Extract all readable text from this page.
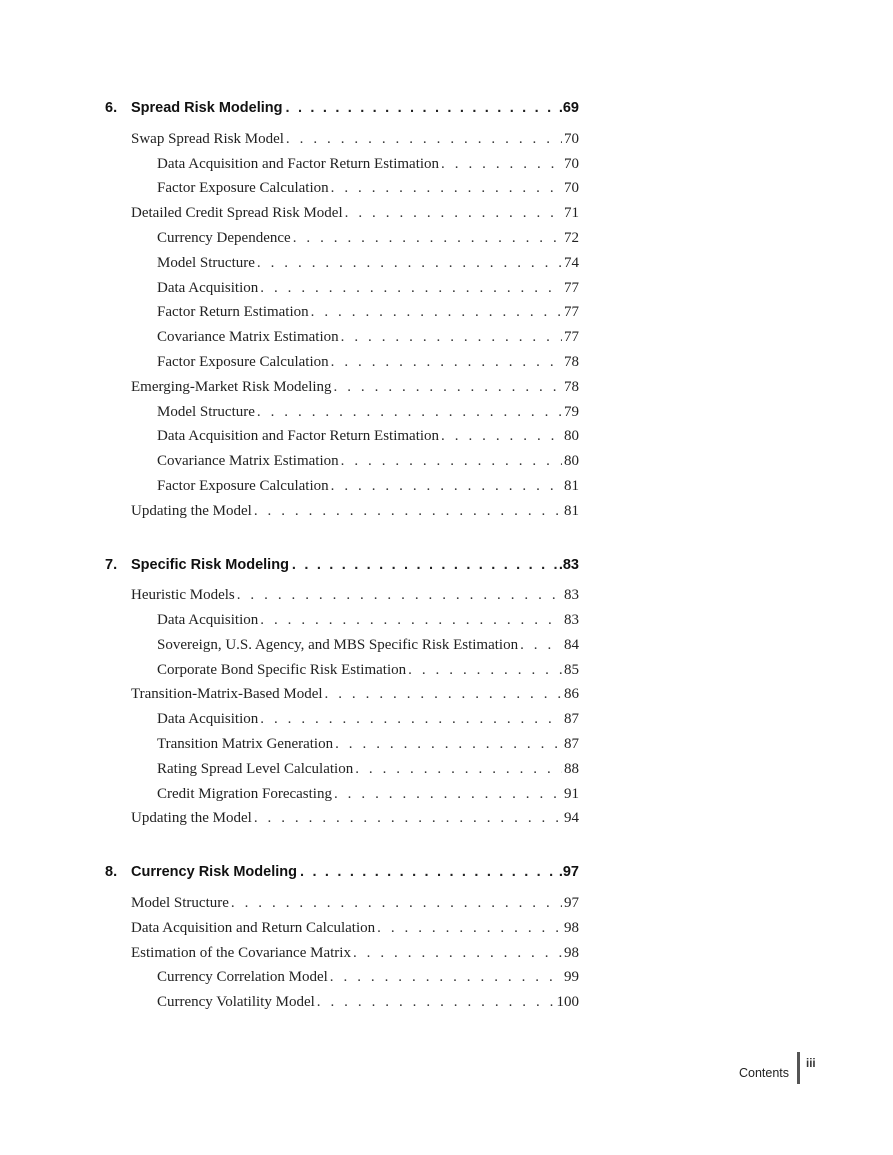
6. Spread Risk Modeling . . .	.69
Swap Spread Risk Model . . .	70
Data Acquisition and Factor Return Estimation . . .	70
Factor Exposure Calculation . . .	70
Detailed Credit Spread Risk Model . . .	71
Currency Dependence . . .	72
Model Structure . . .	74
Data Acquisition . . .	77
Factor Return Estimation . . .	77
Covariance Matrix Estimation . . .	77
Factor Exposure Calculation . . .	78
Emerging-Market Risk Modeling . . .	78
Model Structure . . .	79
Data Acquisition and Factor Return Estimation . . .	80
Covariance Matrix Estimation . . .	80
Factor Exposure Calculation . . .	81
Updating the Model . . .	81
7. Specific Risk Modeling . . .	.83
Heuristic Models . . .	83
Data Acquisition . . .	83
Sovereign, U.S. Agency, and MBS Specific Risk Estimation . . .	84
Corporate Bond Specific Risk Estimation . . .	85
Transition-Matrix-Based Model . . .	86
Data Acquisition . . .	87
Transition Matrix Generation . . .	87
Rating Spread Level Calculation . . .	88
Credit Migration Forecasting . . .	91
Updating the Model . . .	94
8. Currency Risk Modeling . . .	.97
Model Structure . . .	97
Data Acquisition and Return Calculation . . .	98
Estimation of the Covariance Matrix . . .	98
Currency Correlation Model . . .	99
Currency Volatility Model . . .	100
Contents
iii
